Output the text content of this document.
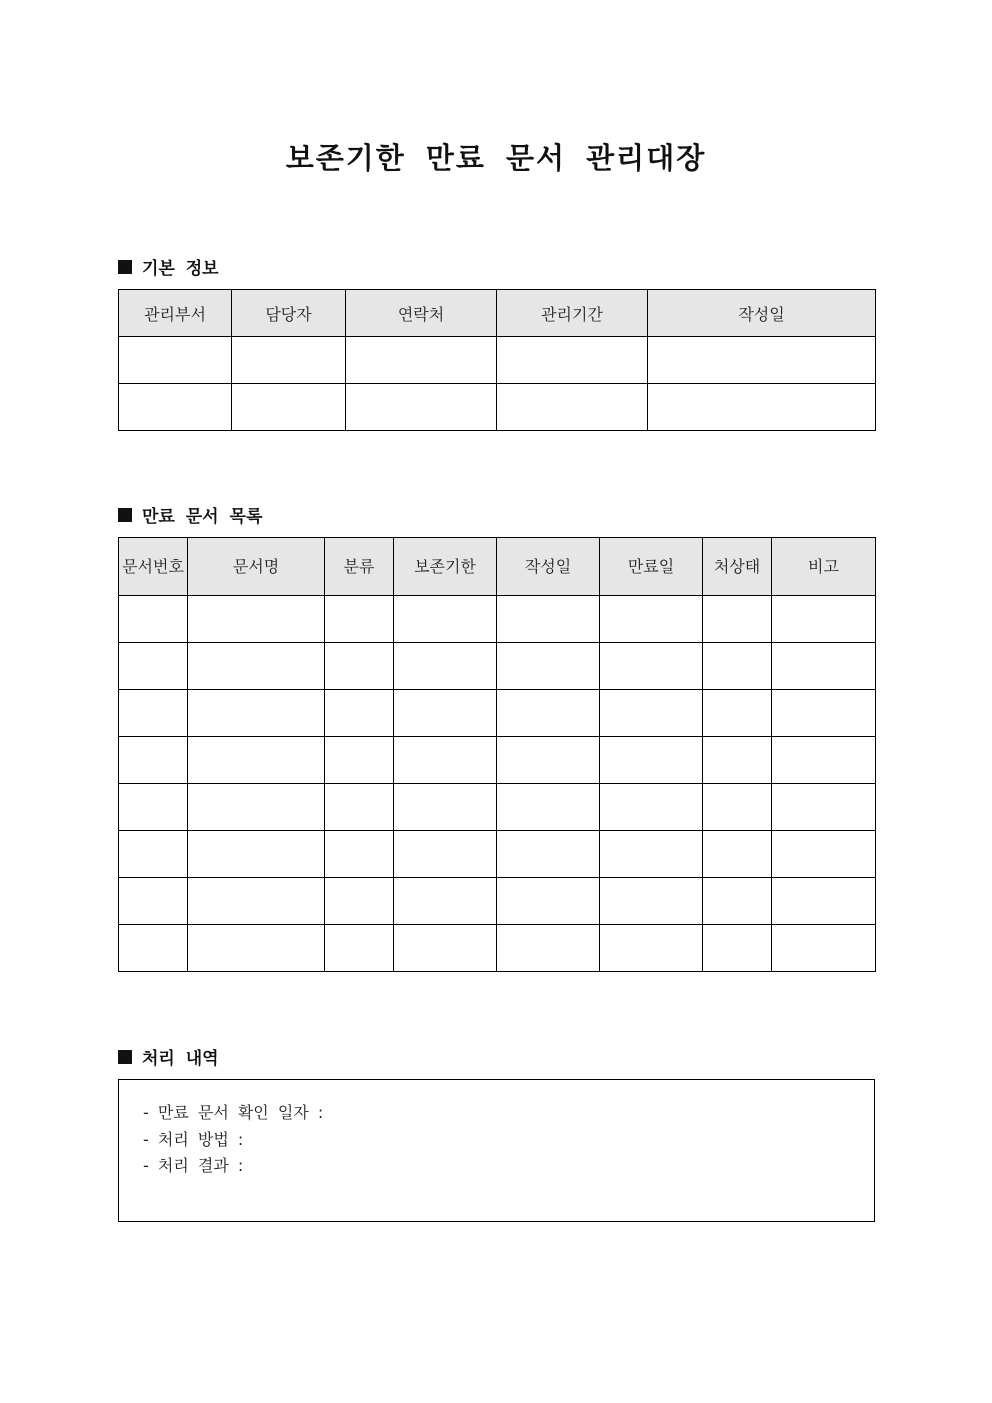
보존기한 만료 문서 관리대장
기본 정보
관리부서	담당자	연락처	관리기간	작성일

만료 문서 목록
문서번호	문서명	분류	보존기한	작성일	만료일	처상태	비고

처리 내역
- 만료 문서 확인 일자 :
- 처리 방법 :
- 처리 결과 :
